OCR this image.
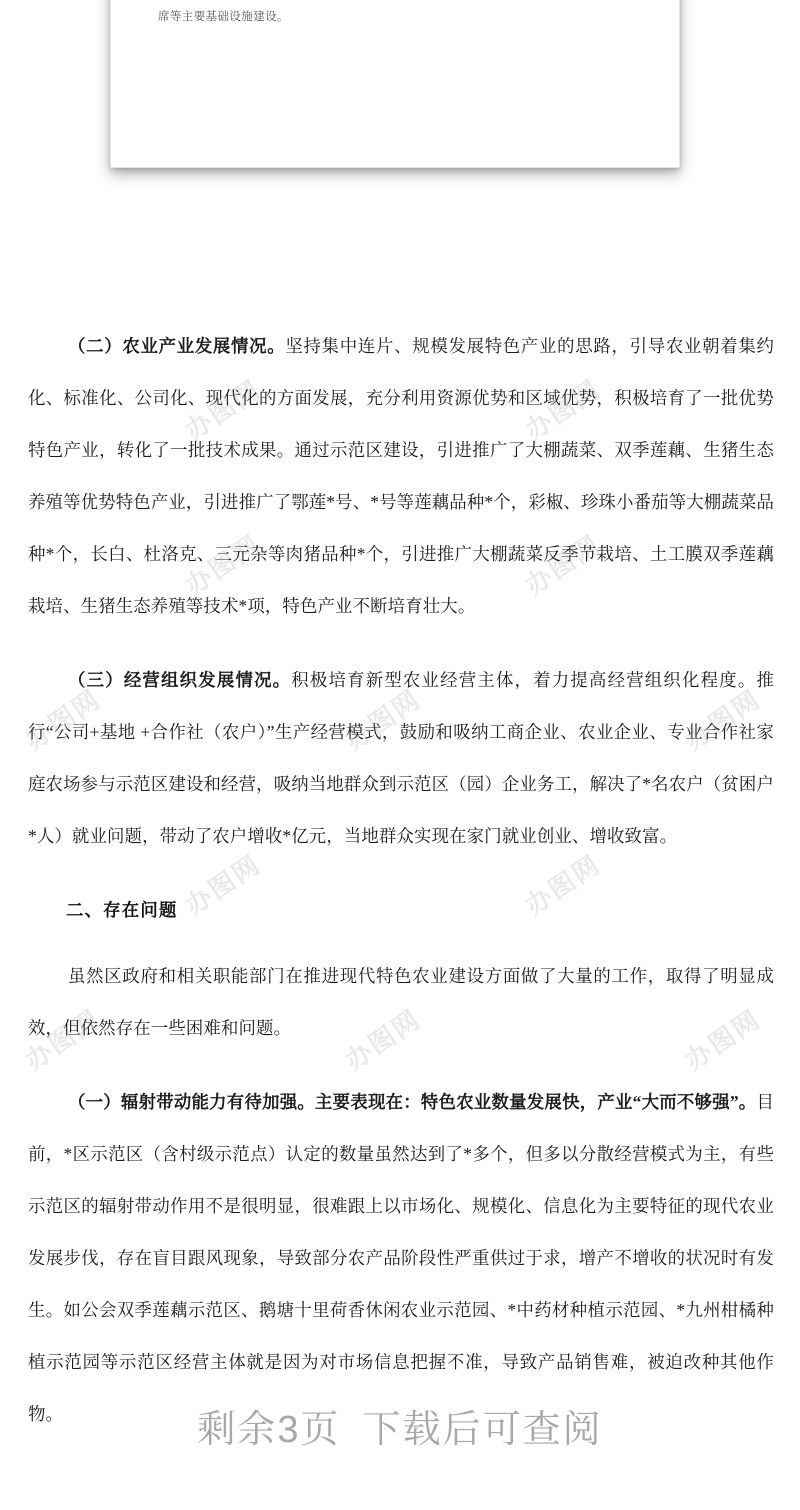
席等主要基础设施建设。

（二）农业产业发展情况。坚持集中连片、规模发展特色产业的思路，引导农业朝着集约化、标准化、公司化、现代化的方面发展，充分利用资源优势和区域优势，积极培育了一批优势特色产业，转化了一批技术成果。通过示范区建设，引进推广了大棚蔬菜、双季莲藕、生猪生态养殖等优势特色产业，引进推广了鄂莲*号、*号等莲藕品种*个，彩椒、珍珠小番茄等大棚蔬菜品种*个，长白、杜洛克、三元杂等肉猪品种*个，引进推广大棚蔬菜反季节栽培、土工膜双季莲藕栽培、生猪生态养殖等技术*项，特色产业不断培育壮大。

（三）经营组织发展情况。积极培育新型农业经营主体，着力提高经营组织化程度。推行“公司+基地 +合作社（农户）”生产经营模式，鼓励和吸纳工商企业、农业企业、专业合作社家庭农场参与示范区建设和经营，吸纳当地群众到示范区（园）企业务工，解决了*名农户（贫困户*人）就业问题，带动了农户增收*亿元，当地群众实现在家门就业创业、增收致富。

二、存在问题

虽然区政府和相关职能部门在推进现代特色农业建设方面做了大量的工作，取得了明显成效，但依然存在一些困难和问题。

（一）辐射带动能力有待加强。主要表现在：特色农业数量发展快，产业“大而不够强”。目前，*区示范区（含村级示范点）认定的数量虽然达到了*多个，但多以分散经营模式为主，有些示范区的辐射带动作用不是很明显，很难跟上以市场化、规模化、信息化为主要特征的现代农业发展步伐，存在盲目跟风现象，导致部分农产品阶段性严重供过于求，增产不增收的状况时有发生。如公会双季莲藕示范区、鹅塘十里荷香休闲农业示范园、*中药材种植示范园、*九州柑橘种植示范园等示范区经营主体就是因为对市场信息把握不准，导致产品销售难，被迫改种其他作物。

办图网	办图网
办图网	办图网
办图网
办图网	办图网
办图网	办图网
办图网
办图网	办图网
剩余3页 下载后可查阅
